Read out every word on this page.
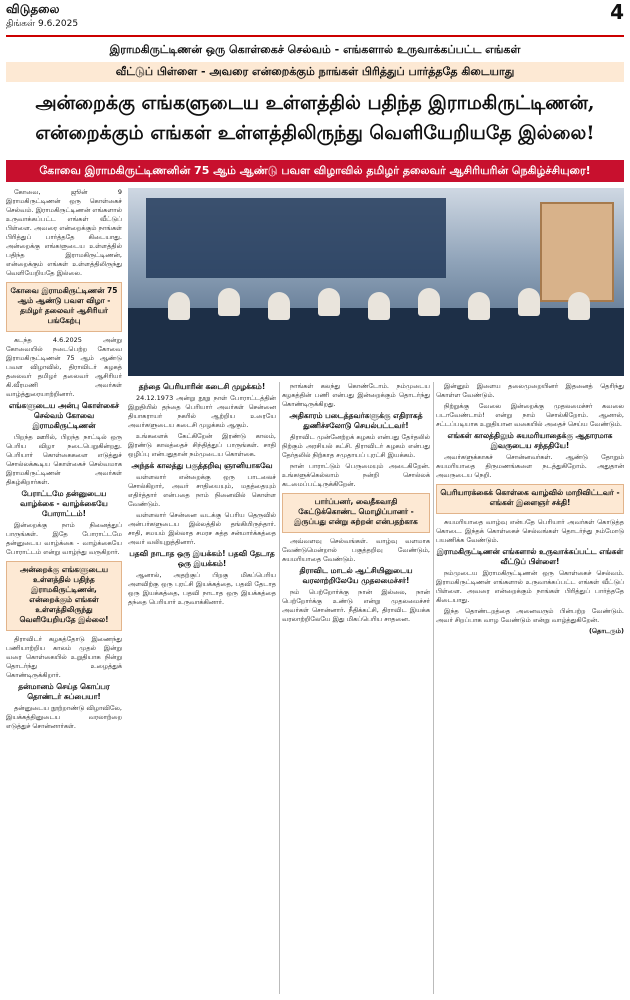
விடுதலை
திங்கள் 9.6.2025	4
இராமகிருட்டிணன் ஒரு கொள்கைச் செல்வம் - எங்களால் உருவாக்கப்பட்ட எங்கள்
வீட்டுப் பிள்ளை - அவரை என்றைக்கும் நாங்கள் பிரித்துப் பார்த்ததே கிடையாது
அன்றைக்கு எங்களுடைய உள்ளத்தில் பதிந்த இராமகிருட்டிணன்,
என்றைக்கும் எங்கள் உள்ளத்திலிருந்து வெளியேறியதே இல்லை!
கோவை இராமகிருட்டிணனின் 75 ஆம் ஆண்டு பவள விழாவில் தமிழர் தலைவர் ஆசிரியரின் நெகிழ்ச்சியுரை!

கோவை, ஜூன் 9 இராமகிருட்டிணன் ஒரு கொள்கைச் செல்வம். இராமகிருட்டிணன் எங்களால் உருவாக்கப்பட்ட எங்கள் வீட்டுப் பிள்ளை. அவரை என்றைக்கும் நாங்கள் பிரித்துப் பார்த்ததே கிடையாது. அன்றைக்கு எங்களுடைய உள்ளத்தில் பதிந்த இராமகிருட்டிணன், என்றைக்கும் எங்கள் உள்ளத்திலிருந்து வெளியேறியதே இல்லை.

கோவை இராமகிருட்டிணன் 75 ஆம் ஆண்டு பவள விழா - தமிழர் தலைவர் ஆசிரியர் பங்கேற்பு

கடந்த 4.6.2025 அன்று கோவையில் நடைபெற்ற கோவை இராமகிருட்டிணன் 75 ஆம் ஆண்டு பவள விழாவில், திராவிடர் கழகத் தலைவர் தமிழர் தலைவர் ஆசிரியர் கி.வீரமணி அவர்கள் வாழ்த்துரையாற்றினார்.

எங்களுடைய அன்பு கொள்கைச் செல்வம் கோவை இராமகிருட்டிணன்

பிறந்த ஊரில், பிறந்த நாட்டில் ஒரு பெரிய விழா நடைபெறுகின்றது. பெரியார் கொள்கைகளை எடுத்துச் சொல்லக்கூடிய கொள்கைச் செல்வமாக இராமகிருட்டிணன் அவர்கள் திகழ்கிறார்கள்.

பேராட்டமே தன்னுடைய வாழ்க்கை - வாழ்க்கையே போராட்டம்!

இன்றைக்கு நாம் நினைத்துப் பாருங்கள். இதே போராட்டமே தன்னுடைய வாழ்க்கை - வாழ்க்கையே போராட்டம் என்று வாழ்ந்து வருகிறார்.

அன்றைக்கு எங்களுடைய உள்ளத்தில் பதிந்த இராமகிருட்டிணன், என்றைக்கும் எங்கள் உள்ளத்திலிருந்து வெளியேறியதே இல்லை!

திராவிடர் கழகத்தோடு இணைந்து பணியாற்றிய காலம் முதல் இன்று வரை கொள்கையில் உறுதியாக நின்று தொடர்ந்து உழைத்துக் கொண்டிருக்கிறார்.

தன்மானம் செய்த கொப்பர தொண்டர் சுப்பையா!

தன்னுடைய நூற்றாண்டு விழாவிலே, இயக்கத்தினுடைய வரலாற்றை எடுத்துச் சொன்னார்கள்.

தந்தை பெரியாரின் கடைசி முழக்கம்!

24.12.1973 அன்று நூறு நாள் போராட்டத்தின் இறுதியில் தந்தை பெரியார் அவர்கள் சென்னை தியாகராயர் நகரில் ஆற்றிய உரையே அவர்களுடைய கடைசி முழக்கம் ஆகும்.

உங்களைக் கேட்கிறேன் இரண்டு காலம், இரண்டு காலத்தைச் சிந்தித்துப் பாருங்கள். சாதி ஒழிப்பு என்பதுதான் நம்முடைய கொள்கை.

அந்தக் காலத்து பகுத்தறிவு ஞானியாகவே

வள்ளலார் என்றைக்கு ஒரு பாடலைச் சொல்கிறார், அவர் சாதியையும், மதத்தையும் எதிர்த்தார் என்பதை நாம் நினைவில் கொள்ள வேண்டும்.

வள்ளலார் சென்னை வடக்கு பெரிய தெருவில் அன்பர்களுடைய இல்லத்தில் தங்கியிருந்தார். சாதி, சமயம் இல்லாத சமரச சுத்த சன்மார்க்கத்தை அவர் வலியுறுத்தினார்.

பதவி நாடாத ஒரு இயக்கம்! பதவி தேடாத ஒரு இயக்கம்!

ஆனால், அதற்குப் பிறகு மிகப்பெரிய அளவிற்கு ஒரு புரட்சி இயக்கத்தை, பதவி தேடாத ஒரு இயக்கத்தை, பதவி நாடாத ஒரு இயக்கத்தை தந்தை பெரியார் உருவாக்கினார்.

நாங்கள் கலந்து கொண்டோம். நம்முடைய கழகத்தின் பணி என்பது இன்றைக்கும் தொடர்ந்து கொண்டிருக்கிறது.

அதிகாரம் படைத்தவர்களுக்கு எதிராகத் துணிச்சலோடு செயல்பட்டவர்!

திராவிட முன்னேற்றக் கழகம் என்பது தேர்தலில் நிற்கும் அரசியல் கட்சி. திராவிடர் கழகம் என்பது தேர்தலில் நிற்காத சமுதாயப் புரட்சி இயக்கம்.

நான் பாராட்டும் பெருமையும் அடைகிறேன். உங்களுக்கெல்லாம் நன்றி சொல்லக் கடமைப்பட்டிருக்கிறேன்.

பார்ப்பனர், வைதீகவாதி கேட்டுக்கொண்ட மொழிப்பானர் - இருப்பது என்று சுற்றன் என்பதற்காக

அவ்வளவு செல்வங்கள். வாழ்வு வளமாக வேண்டுமென்றால் பகுத்தறிவு வேண்டும், சுயமரியாதை வேண்டும்.

திராவிட மாடல் ஆட்சியினுடைய வரலாற்றிலேயே முதலமைச்சர்!

நம் பெற்றோர்க்கு நான் இல்லை, நான் பெற்றோர்க்கு உண்டு என்று முதலமைச்சர் அவர்கள் சொன்னார். நீதிக்கட்சி, திராவிட இயக்க வரலாற்றிலேயே இது மிகப்பெரிய சாதனை.

இன்னும் இளைய தலைமுறையினர் இதனைத் தெரிந்து கொள்ள வேண்டும்.

நிற்றுக்கு வேலை இன்றைக்கு முதலமைச்சர் கவலை படாவேண்டாம்! என்று நாம் சொல்கிறோம். ஆனால், சட்டப்படியாக உறுதியான வகையில் அதைச் செய்ய வேண்டும்.

எங்கள் காலத்திலும் சுயமரியாதைக்கு ஆதாரமாக இவருடைய சந்ததியே!

அவர்களுக்காகச் சொன்னவர்கள். ஆண்டு தோறும் சுயமரியாதை திருமணங்களை நடத்துகிறோம். அதுதான் அவருடைய நெறி.

பெரியாரக்கைக் கொள்கை வாழ்வில் மாறிவிட்டவர் - எங்கள் இளைஞர் சக்தி!

சுயமரியாதை வாழ்வு என்பதே பெரியார் அவர்கள் கொடுத்த கொடை. இந்தக் கொள்கைச் செல்வங்கள் தொடர்ந்து நம்மோடு பயணிக்க வேண்டும்.

இராமகிருட்டிணன் எங்களால் உருவாக்கப்பட்ட எங்கள் வீட்டுப் பிள்ளை!

நம்முடைய இராமகிருட்டிணன் ஒரு கொள்கைச் செல்வம். இராமகிருட்டிணன் எங்களால் உருவாக்கப்பட்ட எங்கள் வீட்டுப் பிள்ளை. அவரை என்றைக்கும் நாங்கள் பிரித்துப் பார்த்ததே கிடையாது.

இந்த தொண்டறத்தை அனைவரும் பின்பற்ற வேண்டும். அவர் சிறப்பாக வாழ வேண்டும் என்று வாழ்த்துகிறேன்.

(தொடரும்)
